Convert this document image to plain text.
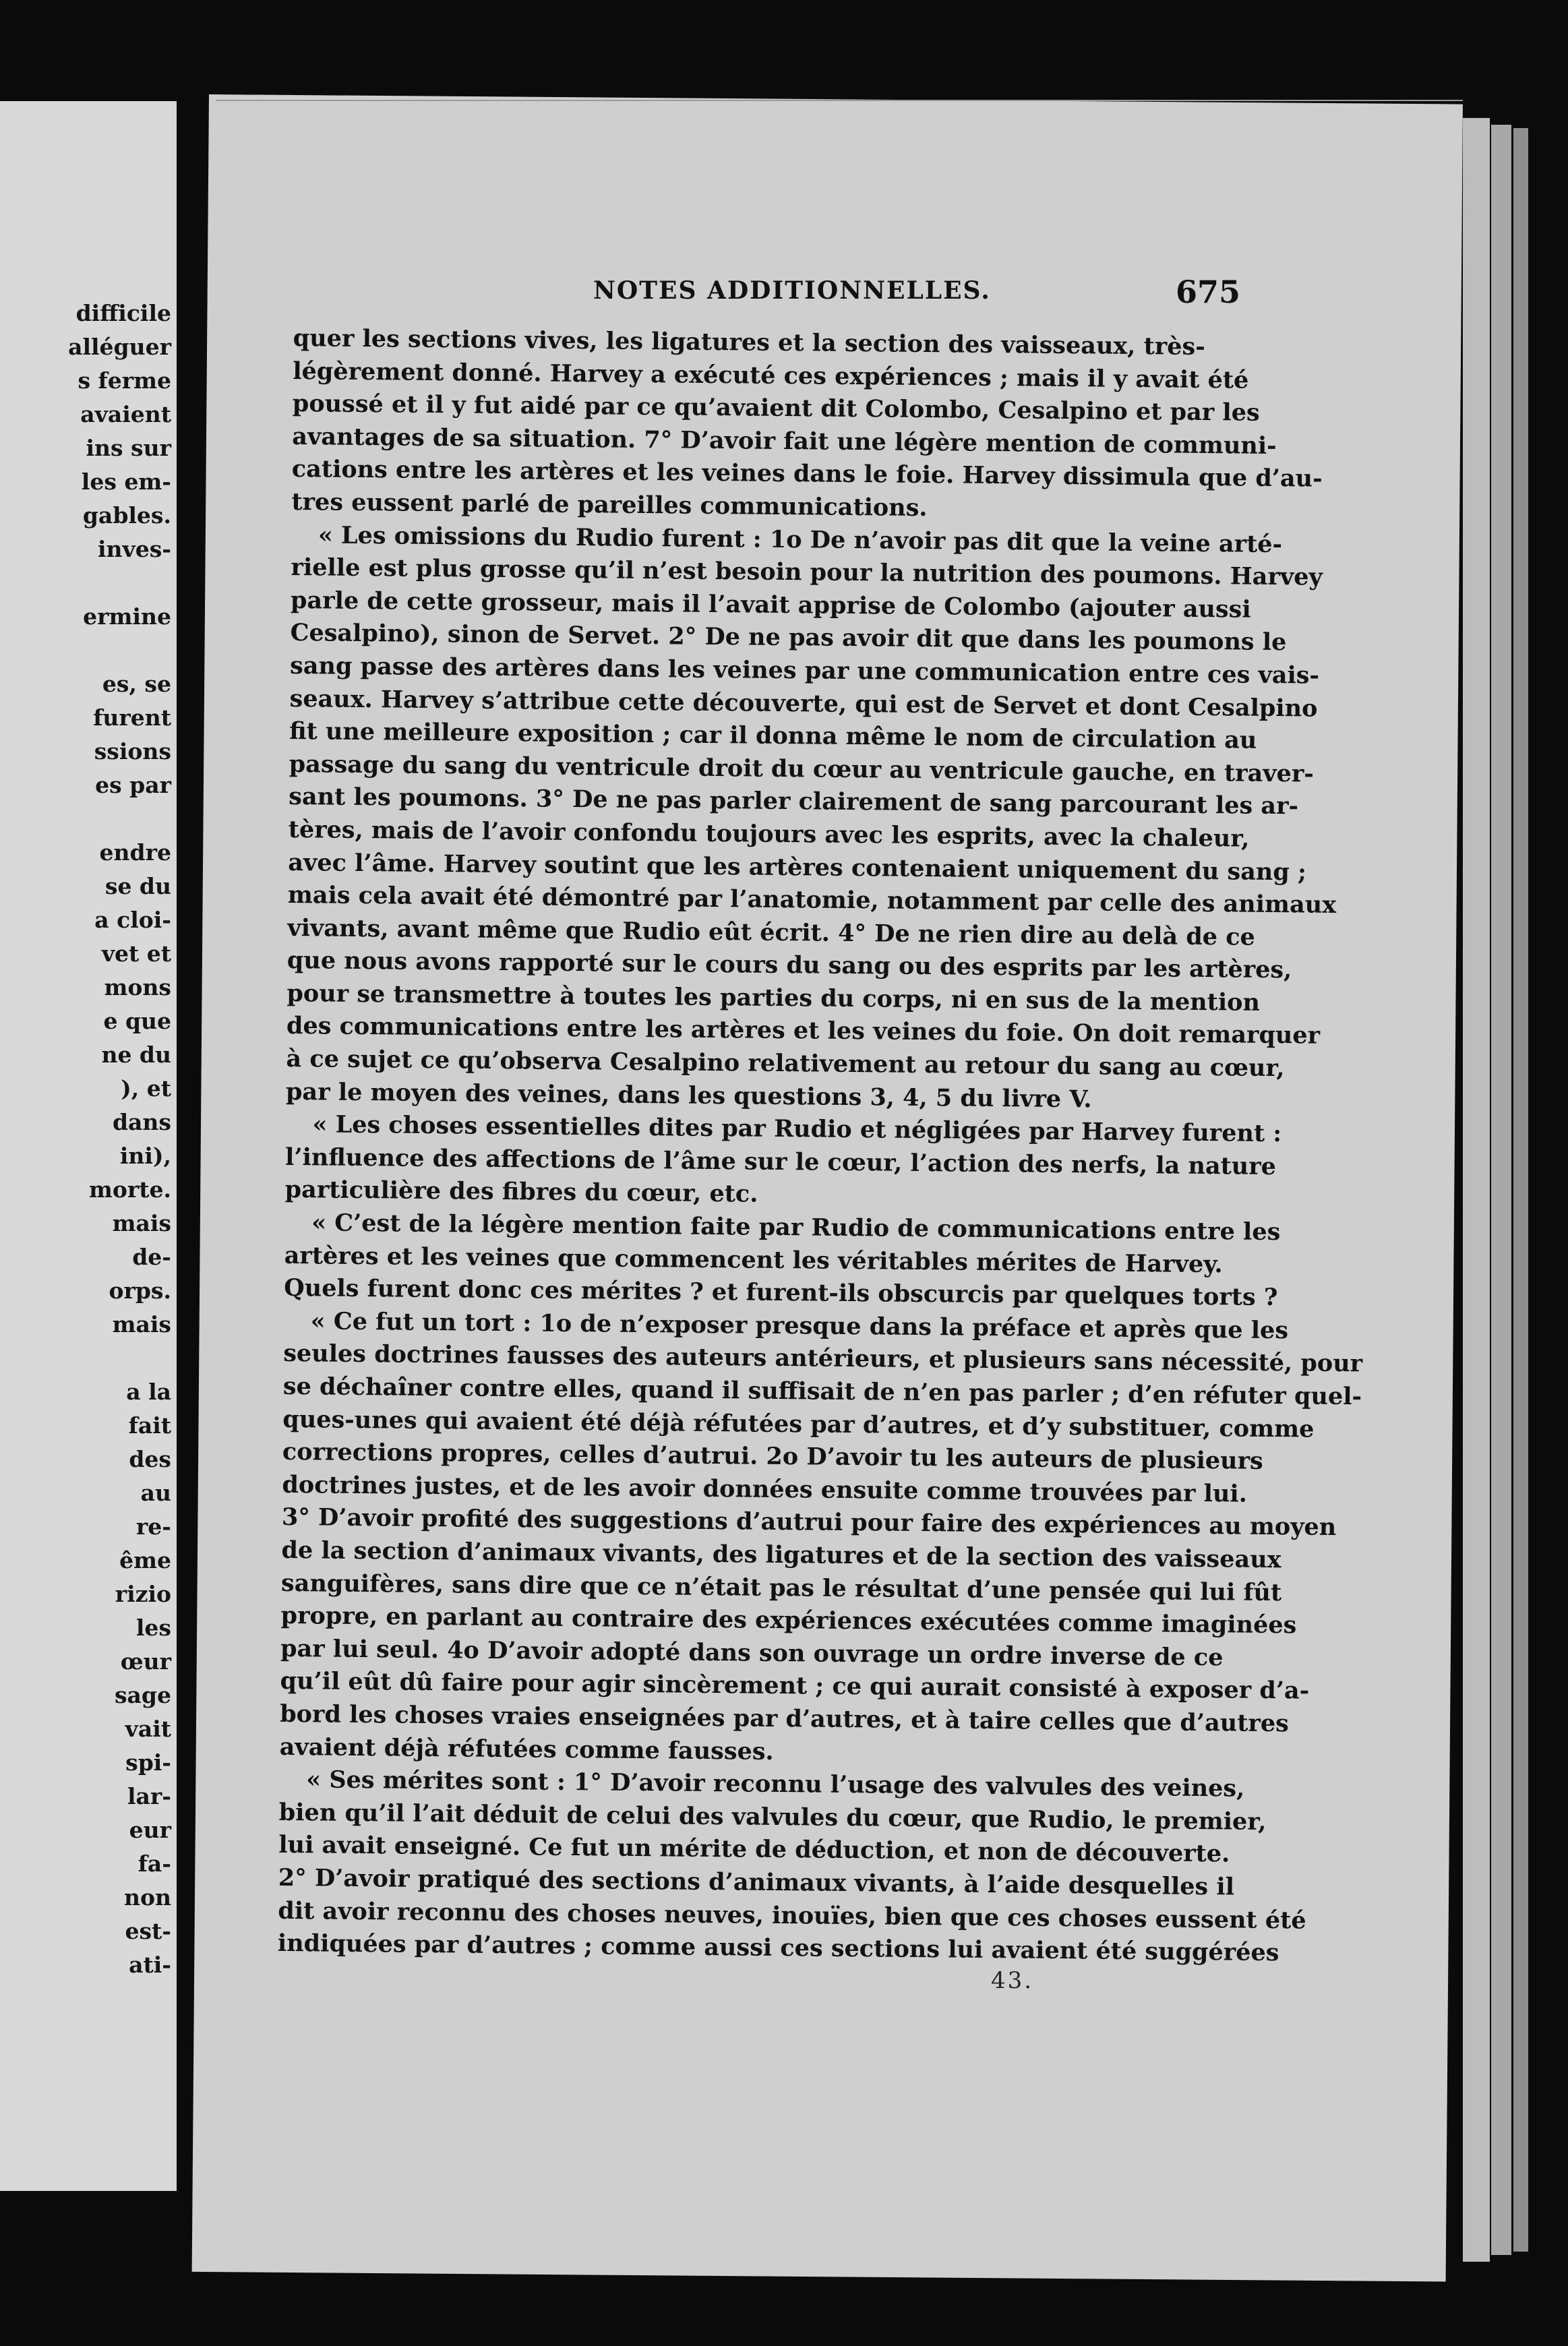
difficile
alléguer
s ferme
avaient
ins sur
les em-
gables.
inves-
ermine
es, se
furent
ssions
es par
endre
se du
a cloi-
vet et
mons
e que
ne du
), et
dans
ini),
morte.
mais
de-
orps.
mais
a la
fait
des
au
re-
ême
rizio
les
œur
sage
vait
spi-
lar-
eur
fa-
non
est-
ati-
NOTES ADDITIONNELLES.	675
quer les sections vives, les ligatures et la section des vaisseaux, très-
légèrement donné. Harvey a exécuté ces expériences ; mais il y avait été
poussé et il y fut aidé par ce qu’avaient dit Colombo, Cesalpino et par les
avantages de sa situation. 7° D’avoir fait une légère mention de communi-
cations entre les artères et les veines dans le foie. Harvey dissimula que d’au-
tres eussent parlé de pareilles communications.
« Les omissions du Rudio furent : 1o De n’avoir pas dit que la veine arté-
rielle est plus grosse qu’il n’est besoin pour la nutrition des poumons. Harvey
parle de cette grosseur, mais il l’avait apprise de Colombo (ajouter aussi
Cesalpino), sinon de Servet. 2° De ne pas avoir dit que dans les poumons le
sang passe des artères dans les veines par une communication entre ces vais-
seaux. Harvey s’attribue cette découverte, qui est de Servet et dont Cesalpino
fit une meilleure exposition ; car il donna même le nom de circulation au
passage du sang du ventricule droit du cœur au ventricule gauche, en traver-
sant les poumons. 3° De ne pas parler clairement de sang parcourant les ar-
tères, mais de l’avoir confondu toujours avec les esprits, avec la chaleur,
avec l’âme. Harvey soutint que les artères contenaient uniquement du sang ;
mais cela avait été démontré par l’anatomie, notamment par celle des animaux
vivants, avant même que Rudio eût écrit. 4° De ne rien dire au delà de ce
que nous avons rapporté sur le cours du sang ou des esprits par les artères,
pour se transmettre à toutes les parties du corps, ni en sus de la mention
des communications entre les artères et les veines du foie. On doit remarquer
à ce sujet ce qu’observa Cesalpino relativement au retour du sang au cœur,
par le moyen des veines, dans les questions 3, 4, 5 du livre V.
« Les choses essentielles dites par Rudio et négligées par Harvey furent :
l’influence des affections de l’âme sur le cœur, l’action des nerfs, la nature
particulière des fibres du cœur, etc.
« C’est de la légère mention faite par Rudio de communications entre les
artères et les veines que commencent les véritables mérites de Harvey.
Quels furent donc ces mérites ? et furent-ils obscurcis par quelques torts ?
« Ce fut un tort : 1o de n’exposer presque dans la préface et après que les
seules doctrines fausses des auteurs antérieurs, et plusieurs sans nécessité, pour
se déchaîner contre elles, quand il suffisait de n’en pas parler ; d’en réfuter quel-
ques-unes qui avaient été déjà réfutées par d’autres, et d’y substituer, comme
corrections propres, celles d’autrui. 2o D’avoir tu les auteurs de plusieurs
doctrines justes, et de les avoir données ensuite comme trouvées par lui.
3° D’avoir profité des suggestions d’autrui pour faire des expériences au moyen
de la section d’animaux vivants, des ligatures et de la section des vaisseaux
sanguifères, sans dire que ce n’était pas le résultat d’une pensée qui lui fût
propre, en parlant au contraire des expériences exécutées comme imaginées
par lui seul. 4o D’avoir adopté dans son ouvrage un ordre inverse de ce
qu’il eût dû faire pour agir sincèrement ; ce qui aurait consisté à exposer d’a-
bord les choses vraies enseignées par d’autres, et à taire celles que d’autres
avaient déjà réfutées comme fausses.
« Ses mérites sont : 1° D’avoir reconnu l’usage des valvules des veines,
bien qu’il l’ait déduit de celui des valvules du cœur, que Rudio, le premier,
lui avait enseigné. Ce fut un mérite de déduction, et non de découverte.
2° D’avoir pratiqué des sections d’animaux vivants, à l’aide desquelles il
dit avoir reconnu des choses neuves, inouïes, bien que ces choses eussent été
indiquées par d’autres ; comme aussi ces sections lui avaient été suggérées
43.
